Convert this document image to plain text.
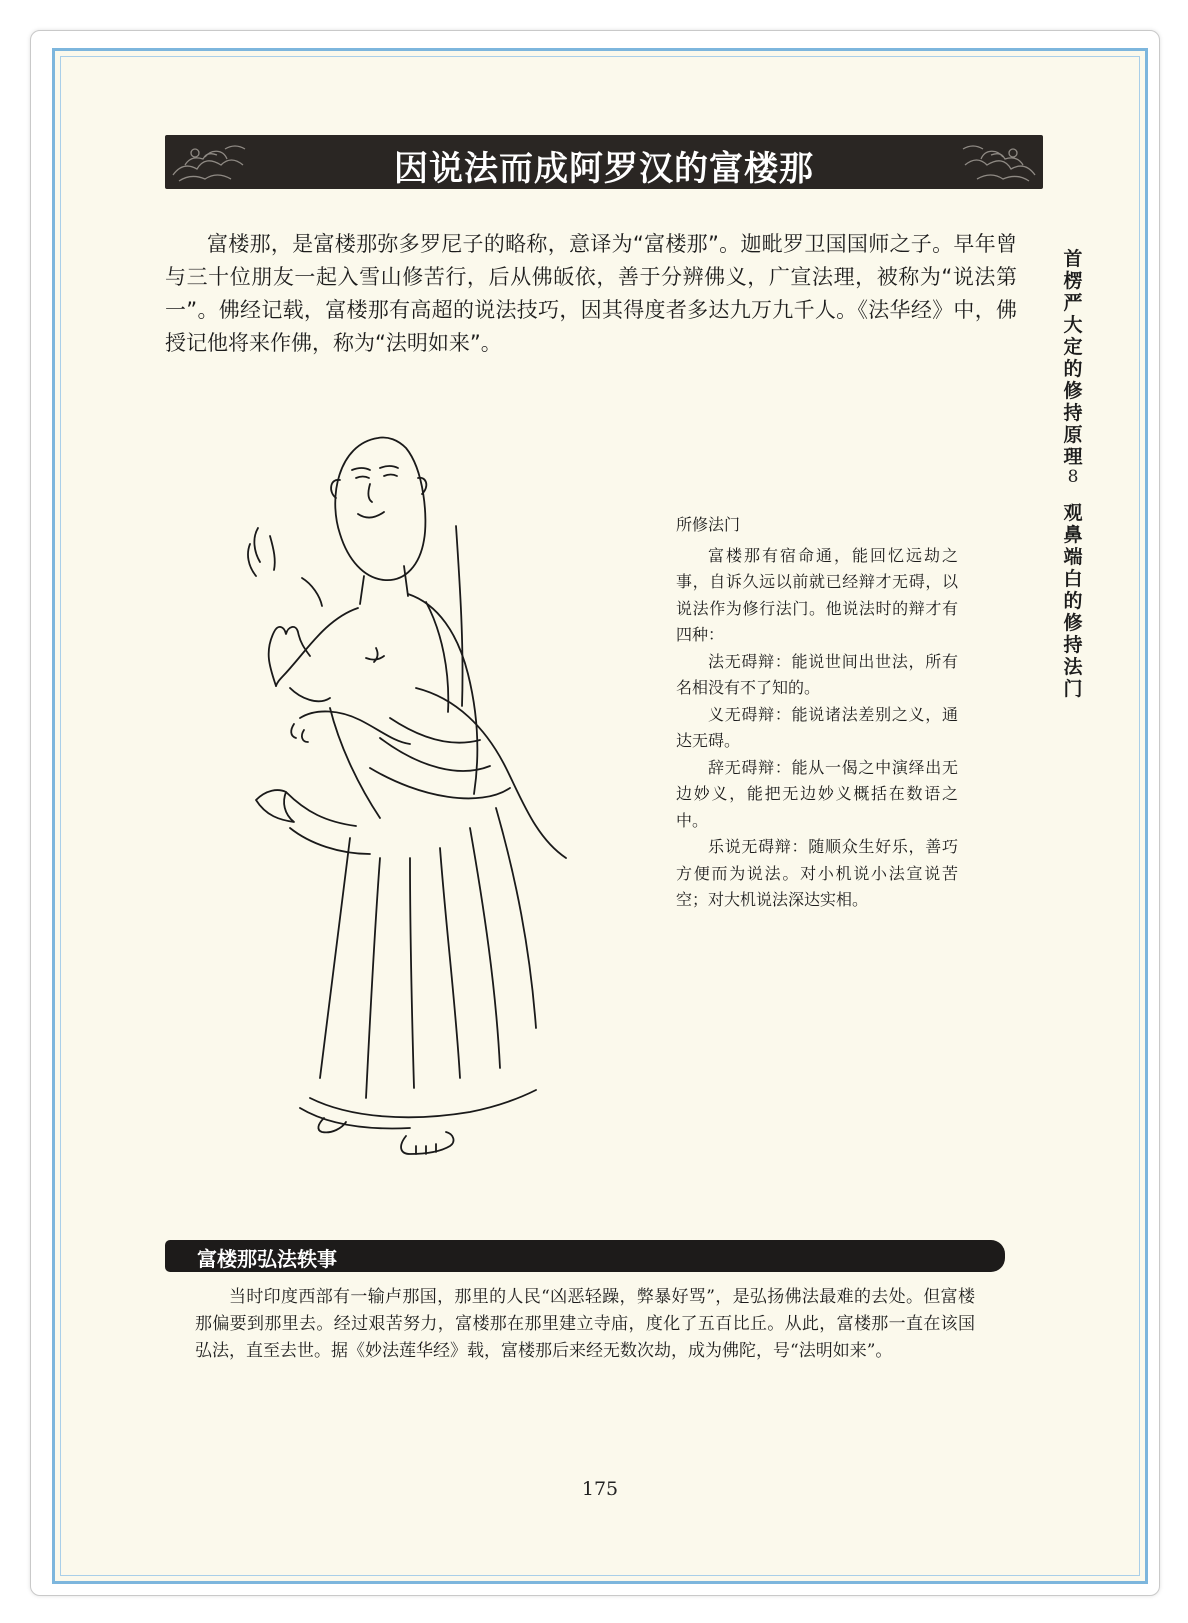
因说法而成阿罗汉的富楼那

富楼那，是富楼那弥多罗尼子的略称，意译为“富楼那”。迦毗罗卫国国师之子。早年曾与三十位朋友一起入雪山修苦行，后从佛皈依，善于分辨佛义，广宣法理，被称为“说法第一”。佛经记载，富楼那有高超的说法技巧，因其得度者多达九万九千人。《法华经》中，佛授记他将来作佛，称为“法明如来”。

首
楞
严
大
定
的
修
持
原
理
8
观
鼻
端
白
的
修
持
法
门
所修法门

富楼那有宿命通，能回忆远劫之事，自诉久远以前就已经辩才无碍，以说法作为修行法门。他说法时的辩才有四种：

法无碍辩：能说世间出世法，所有名相没有不了知的。

义无碍辩：能说诸法差别之义，通达无碍。

辞无碍辩：能从一偈之中演绎出无边妙义，能把无边妙义概括在数语之中。

乐说无碍辩：随顺众生好乐，善巧方便而为说法。对小机说小法宣说苦空；对大机说法深达实相。

富楼那弘法轶事

当时印度西部有一输卢那国，那里的人民“凶恶轻躁，弊暴好骂”，是弘扬佛法最难的去处。但富楼那偏要到那里去。经过艰苦努力，富楼那在那里建立寺庙，度化了五百比丘。从此，富楼那一直在该国弘法，直至去世。据《妙法莲华经》载，富楼那后来经无数次劫，成为佛陀，号“法明如来”。

175
